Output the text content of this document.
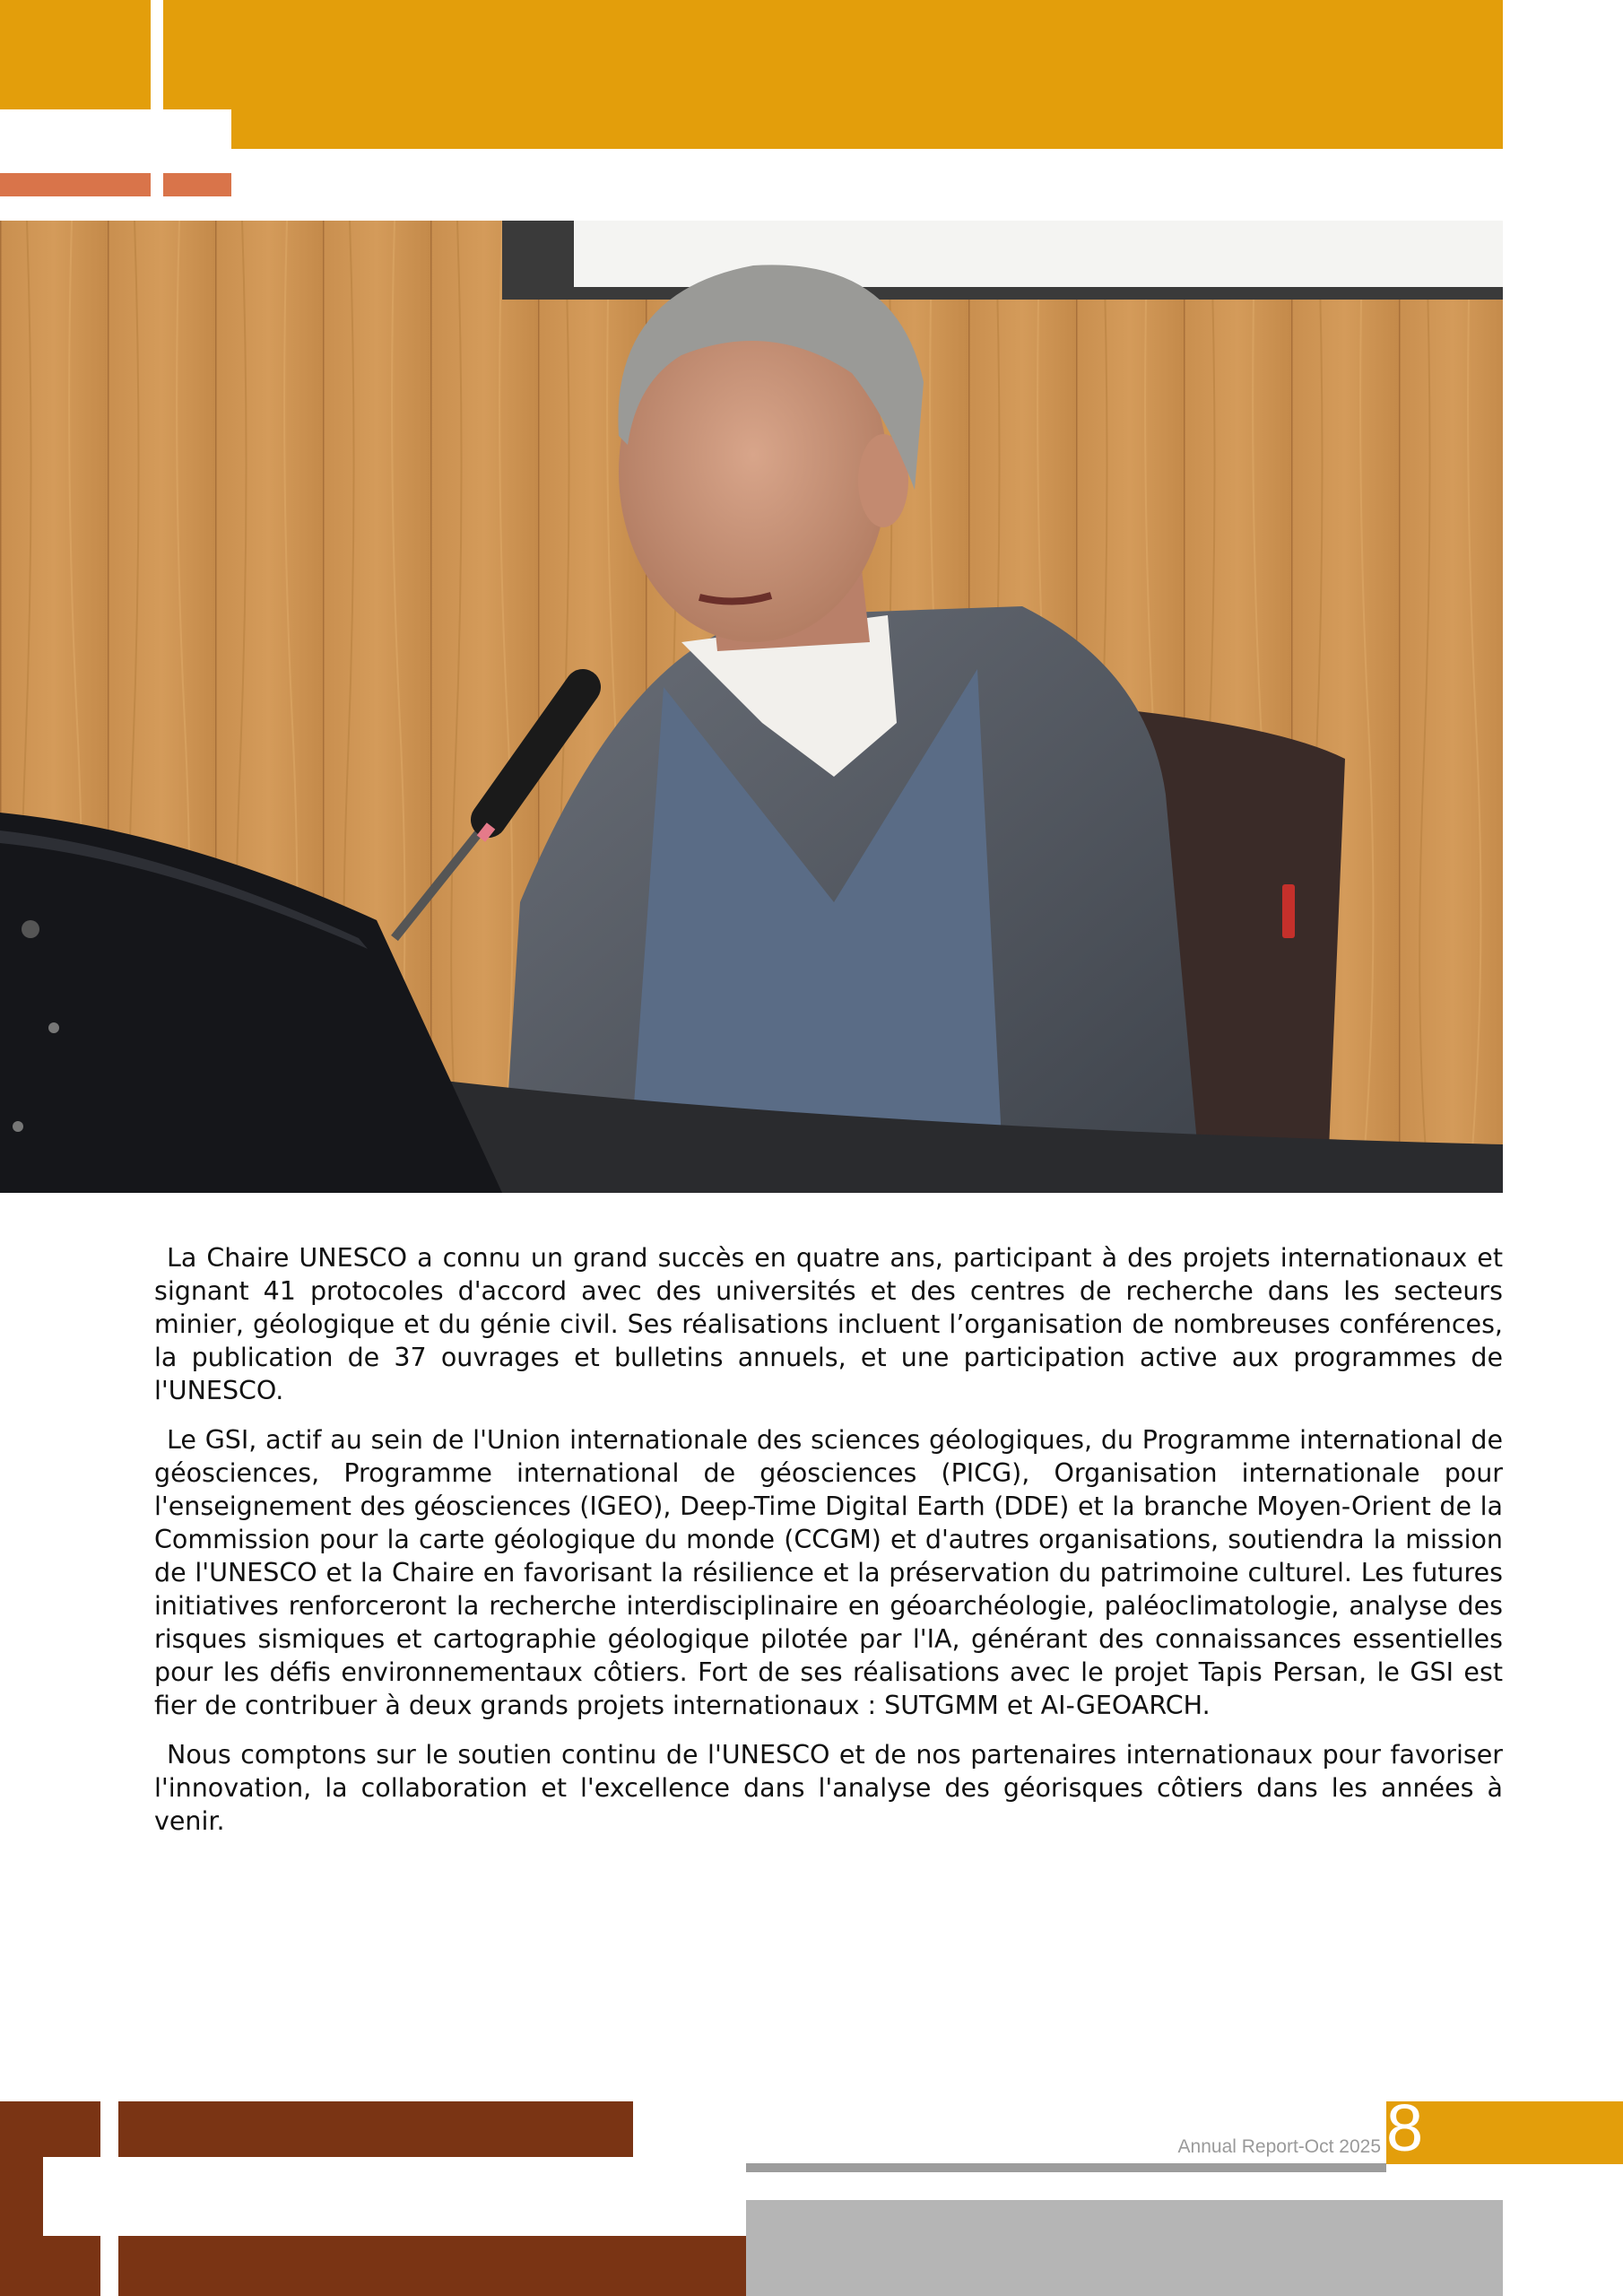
La Chaire UNESCO a connu un grand succès en quatre ans, participant à des projets internationaux et signant 41 protocoles d'accord avec des universités et des centres de recherche dans les secteurs minier, géologique et du génie civil. Ses réalisations incluent l’organisation de nombreuses conférences, la publication de 37 ouvrages et bulletins annuels, et une participation active aux programmes de l'UNESCO.

Le GSI, actif au sein de l'Union internationale des sciences géologiques, du Programme international de géosciences, Programme international de géosciences (PICG), Organisation internationale pour l'enseignement des géosciences (IGEO), Deep-Time Digital Earth (DDE) et la branche Moyen-Orient de la Commission pour la carte géologique du monde (CCGM) et d'autres organisations, soutiendra la mission de l'UNESCO et la Chaire en favorisant la résilience et la préservation du patrimoine culturel. Les futures initiatives renforceront la recherche interdisciplinaire en géoarchéologie, paléoclimatologie, analyse des risques sismiques et cartographie géologique pilotée par l'IA, générant des connaissances essentielles pour les défis environnementaux côtiers. Fort de ses réalisations avec le projet Tapis Persan, le GSI est fier de contribuer à deux grands projets internationaux : SUTGMM et AI-GEOARCH.

Nous comptons sur le soutien continu de l'UNESCO et de nos partenaires internationaux pour favoriser l'innovation, la collaboration et l'excellence dans l'analyse des géorisques côtiers dans les années à venir.

Annual Report-Oct 2025 8
